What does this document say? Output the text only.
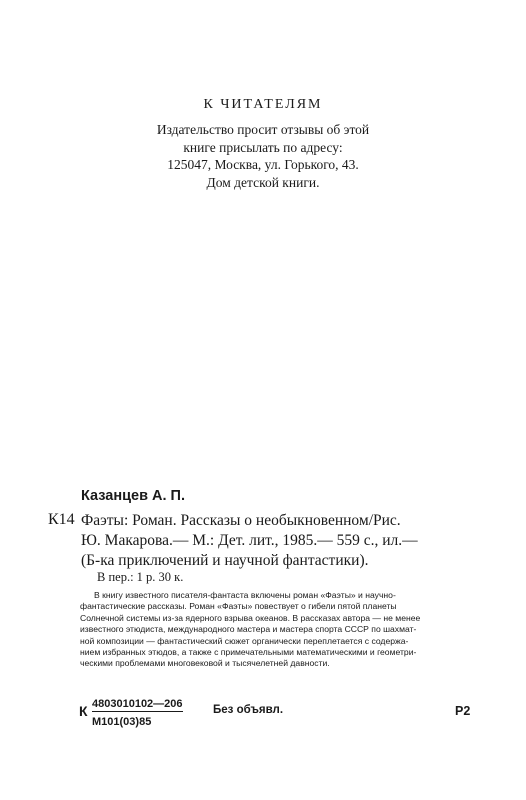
К ЧИТАТЕЛЯМ
Издательство просит отзывы об этой
книге присылать по адресу:
125047, Москва, ул. Горького, 43.
Дом детской книги.
Казанцев А. П.
К14 Фаэты: Роман. Рассказы о необыкновенном/Рис.
Ю. Макарова.— М.: Дет. лит., 1985.— 559 с., ил.—
(Б-ка приключений и научной фантастики).
В пер.: 1 р. 30 к.
В книгу известного писателя-фантаста включены роман «Фаэты» и научно-
фантастические рассказы. Роман «Фаэты» повествует о гибели пятой планеты
Солнечной системы из-за ядерного взрыва океанов. В рассказах автора — не менее
известного этюдиста, международного мастера и мастера спорта СССР по шахмат-
ной композиции — фантастический сюжет органически переплетается с содержа-
нием избранных этюдов, а также с примечательными математическими и геометри-
ческими проблемами многовековой и тысячелетней давности.
К 4803010102—206
М101(03)85
Без объявл.	Р2
